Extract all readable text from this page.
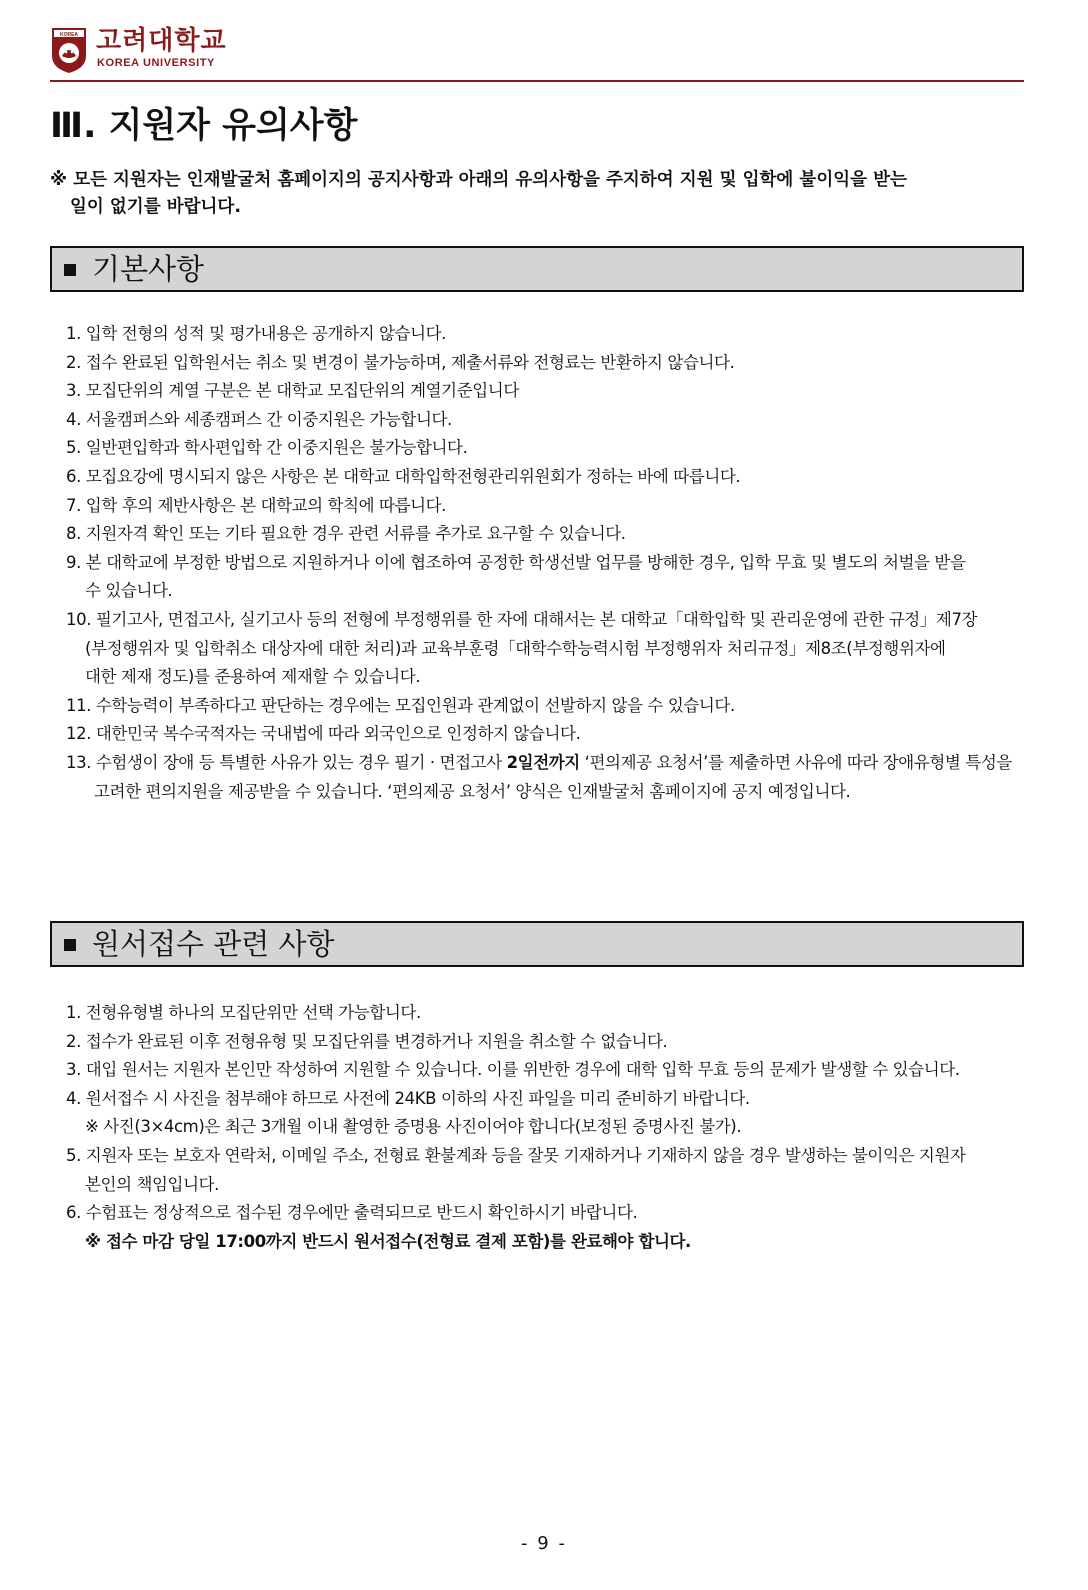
KOREA 고려대학교
KOREA UNIVERSITY
Ⅲ. 지원자 유의사항
※ 모든 지원자는 인재발굴처 홈페이지의 공지사항과 아래의 유의사항을 주지하여 지원 및 입학에 불이익을 받는
일이 없기를 바랍니다.
기본사항
1. 입학 전형의 성적 및 평가내용은 공개하지 않습니다.
2. 접수 완료된 입학원서는 취소 및 변경이 불가능하며, 제출서류와 전형료는 반환하지 않습니다.
3. 모집단위의 계열 구분은 본 대학교 모집단위의 계열기준입니다
4. 서울캠퍼스와 세종캠퍼스 간 이중지원은 가능합니다.
5. 일반편입학과 학사편입학 간 이중지원은 불가능합니다.
6. 모집요강에 명시되지 않은 사항은 본 대학교 대학입학전형관리위원회가 정하는 바에 따릅니다.
7. 입학 후의 제반사항은 본 대학교의 학칙에 따릅니다.
8. 지원자격 확인 또는 기타 필요한 경우 관련 서류를 추가로 요구할 수 있습니다.
9. 본 대학교에 부정한 방법으로 지원하거나 이에 협조하여 공정한 학생선발 업무를 방해한 경우, 입학 무효 및 별도의 처벌을 받을
수 있습니다.
10. 필기고사, 면접고사, 실기고사 등의 전형에 부정행위를 한 자에 대해서는 본 대학교「대학입학 및 관리운영에 관한 규정」제7장
(부정행위자 및 입학취소 대상자에 대한 처리)과 교육부훈령「대학수학능력시험 부정행위자 처리규정」제8조(부정행위자에
대한 제재 정도)를 준용하여 제재할 수 있습니다.
11. 수학능력이 부족하다고 판단하는 경우에는 모집인원과 관계없이 선발하지 않을 수 있습니다.
12. 대한민국 복수국적자는 국내법에 따라 외국인으로 인정하지 않습니다.
13. 수험생이 장애 등 특별한 사유가 있는 경우 필기 · 면접고사 2일전까지 ‘편의제공 요청서’를 제출하면 사유에 따라 장애유형별 특성을
고려한 편의지원을 제공받을 수 있습니다. ‘편의제공 요청서’ 양식은 인재발굴처 홈페이지에 공지 예정입니다.
원서접수 관련 사항
1. 전형유형별 하나의 모집단위만 선택 가능합니다.
2. 접수가 완료된 이후 전형유형 및 모집단위를 변경하거나 지원을 취소할 수 없습니다.
3. 대입 원서는 지원자 본인만 작성하여 지원할 수 있습니다. 이를 위반한 경우에 대학 입학 무효 등의 문제가 발생할 수 있습니다.
4. 원서접수 시 사진을 첨부해야 하므로 사전에 24KB 이하의 사진 파일을 미리 준비하기 바랍니다.
※ 사진(3×4cm)은 최근 3개월 이내 촬영한 증명용 사진이어야 합니다(보정된 증명사진 불가).
5. 지원자 또는 보호자 연락처, 이메일 주소, 전형료 환불계좌 등을 잘못 기재하거나 기재하지 않을 경우 발생하는 불이익은 지원자
본인의 책임입니다.
6. 수험표는 정상적으로 접수된 경우에만 출력되므로 반드시 확인하시기 바랍니다.
※ 접수 마감 당일 17:00까지 반드시 원서접수(전형료 결제 포함)를 완료해야 합니다.
- 9 -
